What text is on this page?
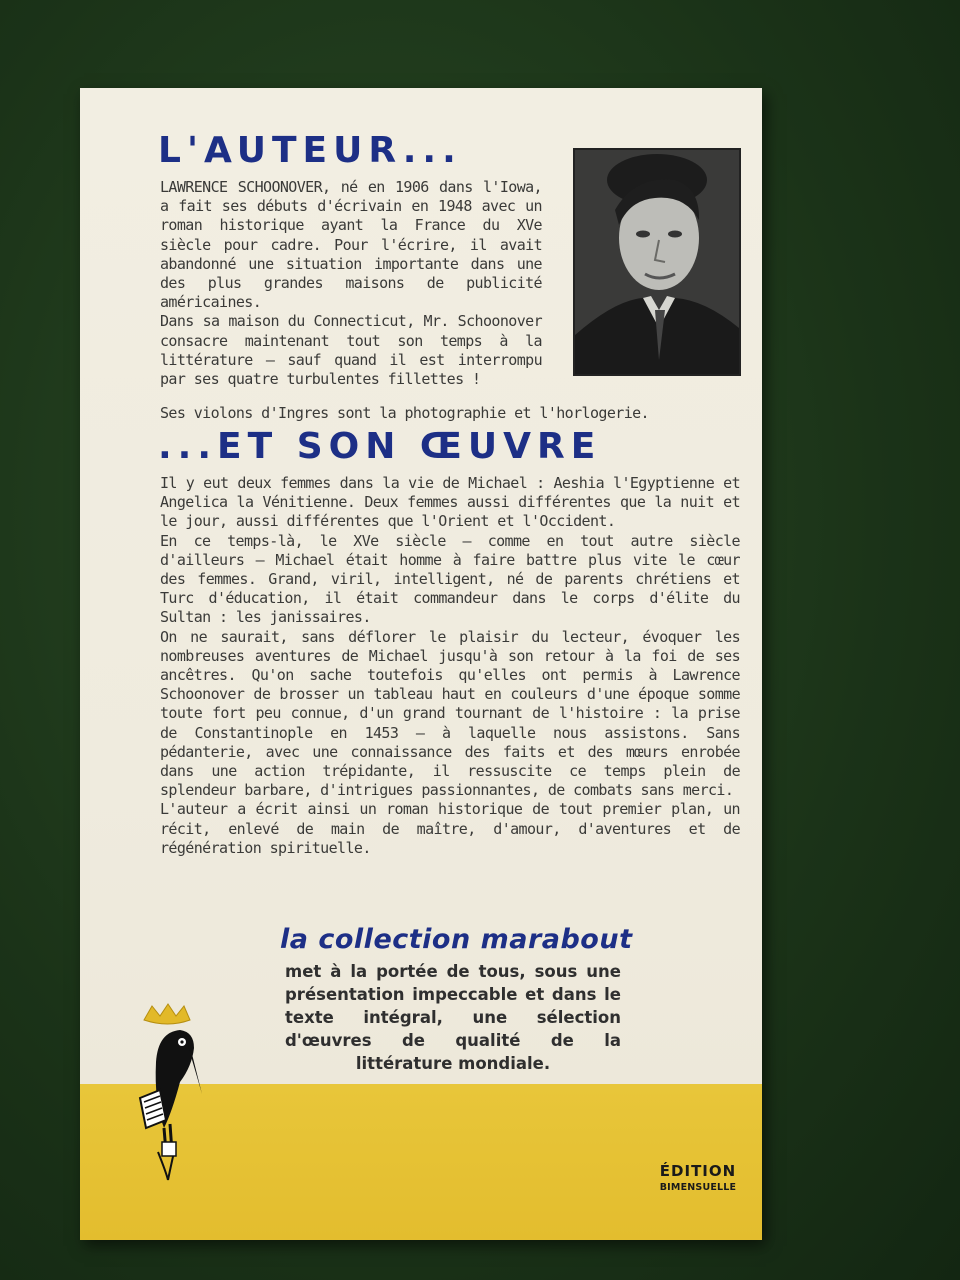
L'AUTEUR...

LAWRENCE SCHOONOVER, né en 1906 dans l'Iowa, a fait ses débuts d'écrivain en 1948 avec un roman historique ayant la France du XVe siècle pour cadre. Pour l'écrire, il avait abandonné une situation importante dans une des plus grandes maisons de publicité américaines.

Dans sa maison du Connecticut, Mr. Schoonover consacre maintenant tout son temps à la littérature — sauf quand il est interrompu par ses quatre turbulentes fillettes !

Ses violons d'Ingres sont la photographie et l'horlogerie.
...ET SON ŒUVRE

Il y eut deux femmes dans la vie de Michael : Aeshia l'Egyptienne et Angelica la Vénitienne. Deux femmes aussi différentes que la nuit et le jour, aussi différentes que l'Orient et l'Occident.

En ce temps-là, le XVe siècle — comme en tout autre siècle d'ailleurs — Michael était homme à faire battre plus vite le cœur des femmes. Grand, viril, intelligent, né de parents chrétiens et Turc d'éducation, il était commandeur dans le corps d'élite du Sultan : les janissaires.

On ne saurait, sans déflorer le plaisir du lecteur, évoquer les nombreuses aventures de Michael jusqu'à son retour à la foi de ses ancêtres. Qu'on sache toutefois qu'elles ont permis à Lawrence Schoonover de brosser un tableau haut en couleurs d'une époque somme toute fort peu connue, d'un grand tournant de l'histoire : la prise de Constantinople en 1453 — à laquelle nous assistons. Sans pédanterie, avec une connaissance des faits et des mœurs enrobée dans une action trépidante, il ressuscite ce temps plein de splendeur barbare, d'intrigues passionnantes, de combats sans merci.

L'auteur a écrit ainsi un roman historique de tout premier plan, un récit, enlevé de main de maître, d'amour, d'aventures et de régénération spirituelle.

la collection marabout
met à la portée de tous, sous une présentation impeccable et dans le texte intégral, une sélection d'œuvres de qualité de la littérature mondiale.
ÉDITION
BIMENSUELLE
